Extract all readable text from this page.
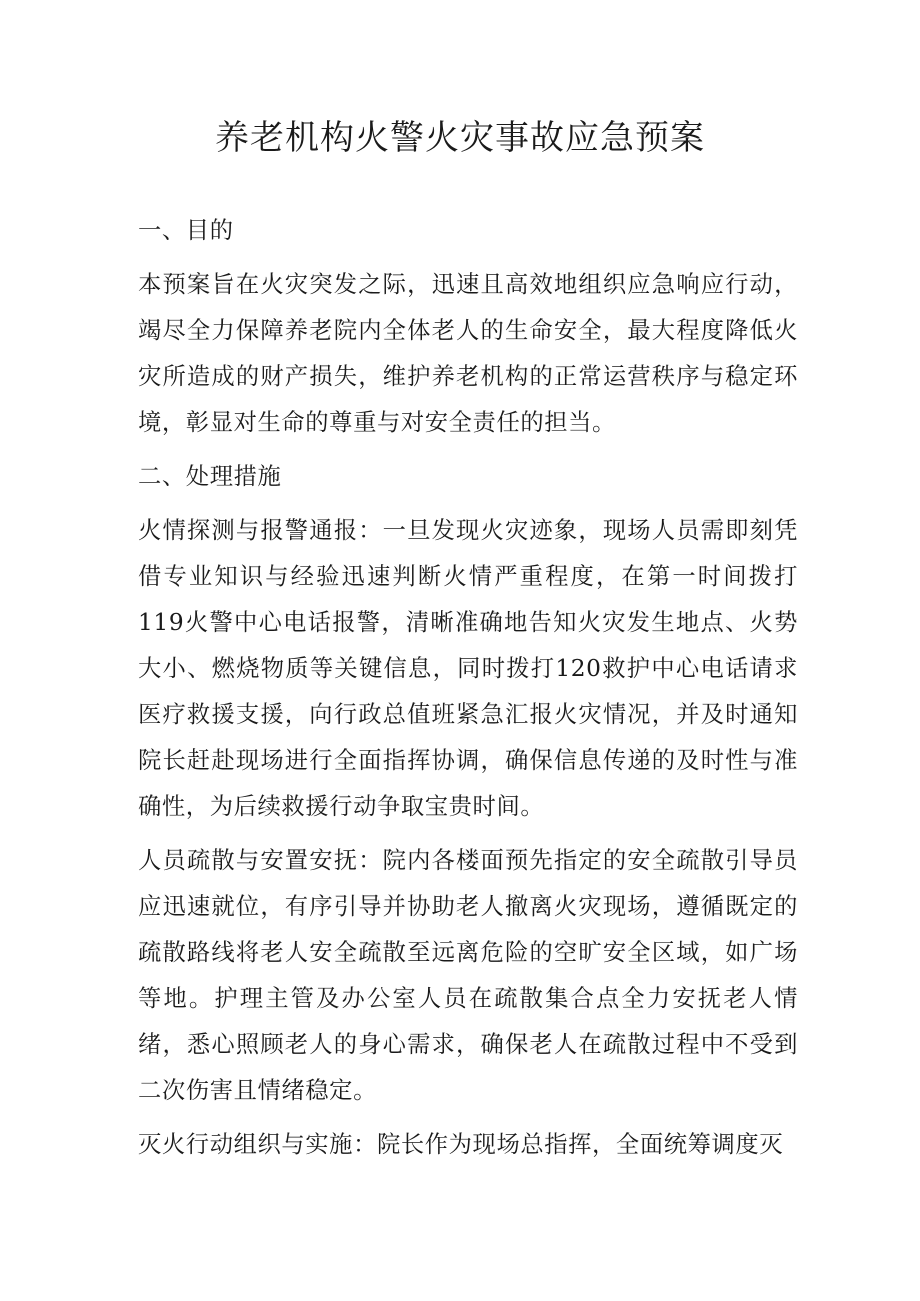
养老机构火警火灾事故应急预案

一、目的

本预案旨在火灾突发之际，迅速且高效地组织应急响应行动，竭尽全力保障养老院内全体老人的生命安全，最大程度降低火灾所造成的财产损失，维护养老机构的正常运营秩序与稳定环境，彰显对生命的尊重与对安全责任的担当。

二、处理措施

火情探测与报警通报：一旦发现火灾迹象，现场人员需即刻凭借专业知识与经验迅速判断火情严重程度，在第一时间拨打119火警中心电话报警，清晰准确地告知火灾发生地点、火势大小、燃烧物质等关键信息，同时拨打120救护中心电话请求医疗救援支援，向行政总值班紧急汇报火灾情况，并及时通知院长赶赴现场进行全面指挥协调，确保信息传递的及时性与准确性，为后续救援行动争取宝贵时间。

人员疏散与安置安抚：院内各楼面预先指定的安全疏散引导员应迅速就位，有序引导并协助老人撤离火灾现场，遵循既定的疏散路线将老人安全疏散至远离危险的空旷安全区域，如广场等地。护理主管及办公室人员在疏散集合点全力安抚老人情绪，悉心照顾老人的身心需求，确保老人在疏散过程中不受到二次伤害且情绪稳定。

灭火行动组织与实施：院长作为现场总指挥，全面统筹调度灭
